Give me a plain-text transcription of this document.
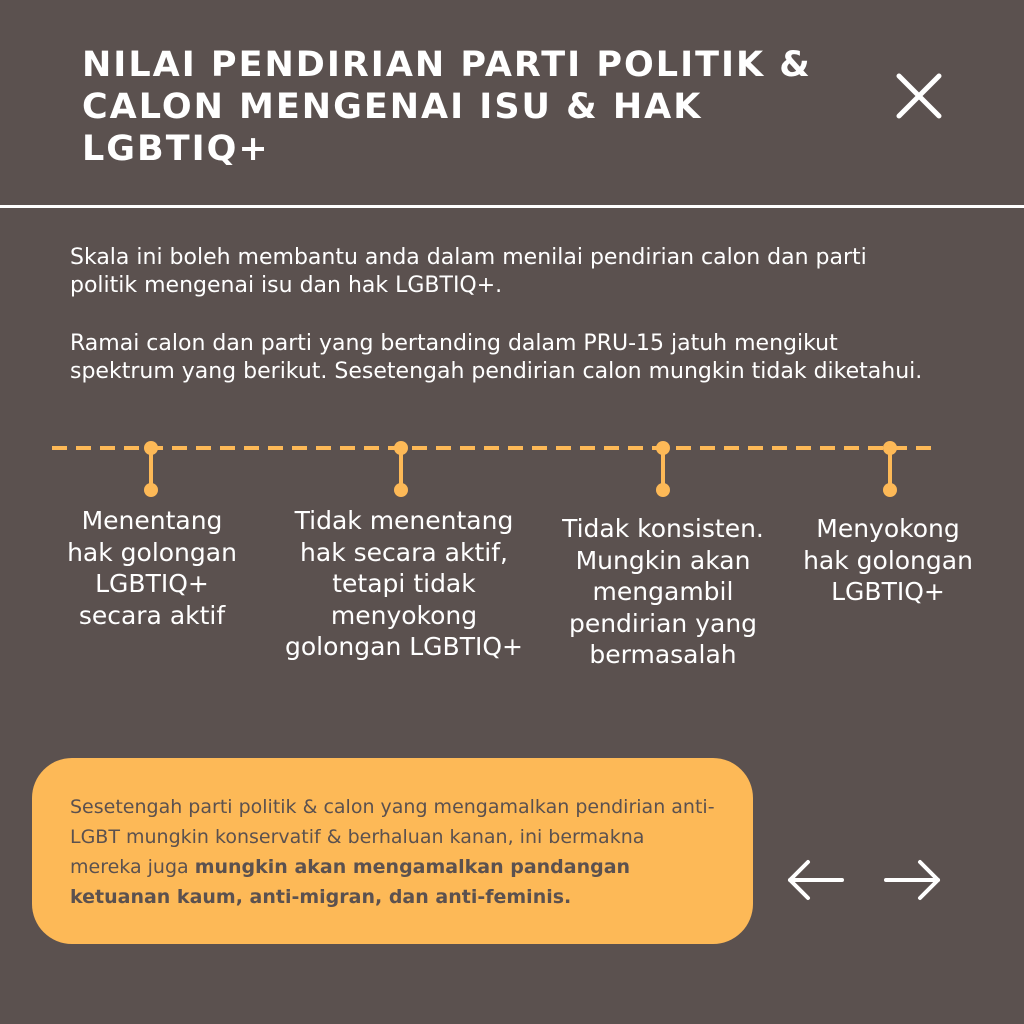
NILAI PENDIRIAN PARTI POLITIK & CALON MENGENAI ISU & HAK LGBTIQ+

Skala ini boleh membantu anda dalam menilai pendirian calon dan parti politik mengenai isu dan hak LGBTIQ+.

Ramai calon dan parti yang bertanding dalam PRU-15 jatuh mengikut spektrum yang berikut. Sesetengah pendirian calon mungkin tidak diketahui.

Menentang hak golongan LGBTIQ+ secara aktif

Tidak menentang hak secara aktif, tetapi tidak menyokong golongan LGBTIQ+

Tidak konsisten. Mungkin akan mengambil pendirian yang bermasalah

Menyokong hak golongan LGBTIQ+

Sesetengah parti politik & calon yang mengamalkan pendirian anti-LGBT mungkin konservatif & berhaluan kanan, ini bermakna mereka juga mungkin akan mengamalkan pandangan ketuanan kaum, anti-migran, dan anti-feminis.
